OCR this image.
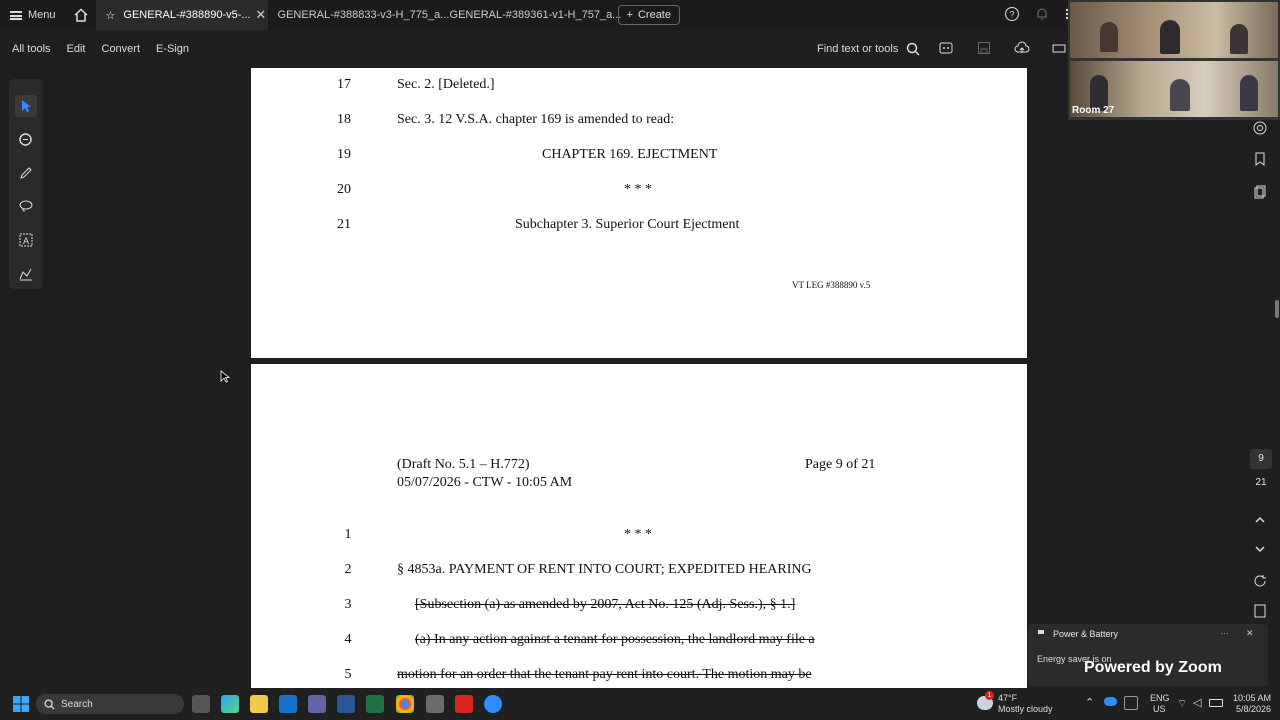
Menu	☆ GENERAL-#388890-v5-... ✕ GENERAL-#388833-v3-H_775_a... GENERAL-#389361-v1-H_757_a... + Create	?
All tools	Edit	Convert	E-Sign	Find text or tools
A
17	Sec. 2. [Deleted.]
18	Sec. 3. 12 V.S.A. chapter 169 is amended to read:
19	CHAPTER 169. EJECTMENT
20	* * *
21	Subchapter 3. Superior Court Ejectment
VT LEG #388890 v.5
(Draft No. 5.1 – H.772)
05/07/2026 - CTW - 10:05 AM
Page 9 of 21
1	* * *
2	§ 4853a. PAYMENT OF RENT INTO COURT; EXPEDITED HEARING
3	[Subsection (a) as amended by 2007, Act No. 125 (Adj. Sess.), § 1.]
4	(a) In any action against a tenant for possession, the landlord may file a
5	motion for an order that the tenant pay rent into court. The motion may be
9
21
Room 27
Power & Battery	··· ✕
Energy saver is on
Powered by Zoom
Search
1 47°F
Mostly cloudy	⌃	ENG
US ⌔ ◁	10:05 AM
5/8/2026
